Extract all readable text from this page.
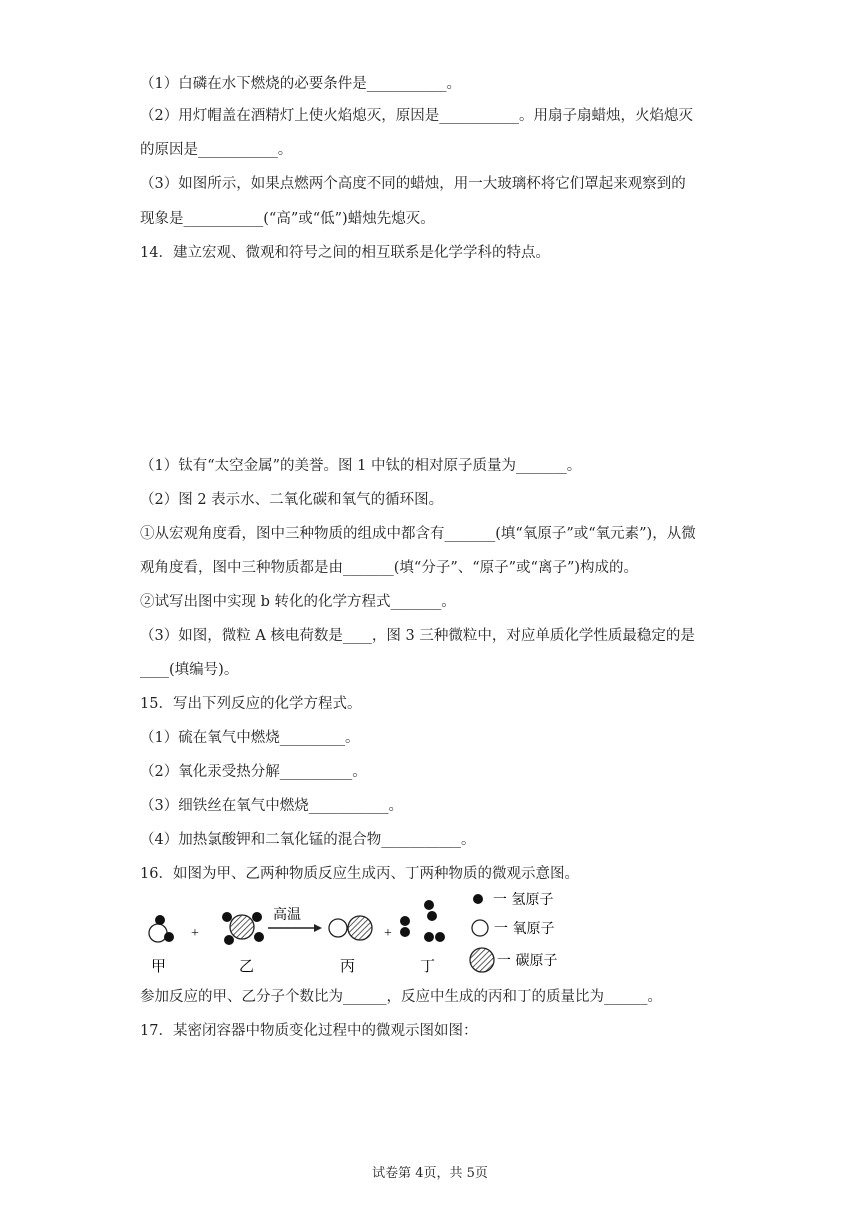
（1）白磷在水下燃烧的必要条件是___________。
（2）用灯帽盖在酒精灯上使火焰熄灭，原因是___________。用扇子扇蜡烛，火焰熄灭
的原因是___________。
（3）如图所示，如果点燃两个高度不同的蜡烛，用一大玻璃杯将它们罩起来观察到的
现象是___________(“高”或“低”)蜡烛先熄灭。
14．建立宏观、微观和符号之间的相互联系是化学学科的特点。
（1）钛有“太空金属”的美誉。图 1 中钛的相对原子质量为_______。
（2）图 2 表示水、二氧化碳和氧气的循环图。
①从宏观角度看，图中三种物质的组成中都含有_______(填“氧原子”或“氧元素”)，从微
观角度看，图中三种物质都是由_______(填“分子”、“原子”或“离子”)构成的。
②试写出图中实现 b 转化的化学方程式_______。
（3）如图，微粒 A 核电荷数是____，图 3 三种微粒中，对应单质化学性质最稳定的是
____(填编号)。
15．写出下列反应的化学方程式。
（1）硫在氧气中燃烧_________。
（2）氧化汞受热分解__________。
（3）细铁丝在氧气中燃烧___________。
（4）加热氯酸钾和二氧化锰的混合物___________。
16．如图为甲、乙两种物质反应生成丙、丁两种物质的微观示意图。
+
高温
+
甲	乙	丙	丁
一 氢原子
一 氧原子
一 碳原子
参加反应的甲、乙分子个数比为______，反应中生成的丙和丁的质量比为______。
17．某密闭容器中物质变化过程中的微观示图如图：
试卷第 4页，共 5页
